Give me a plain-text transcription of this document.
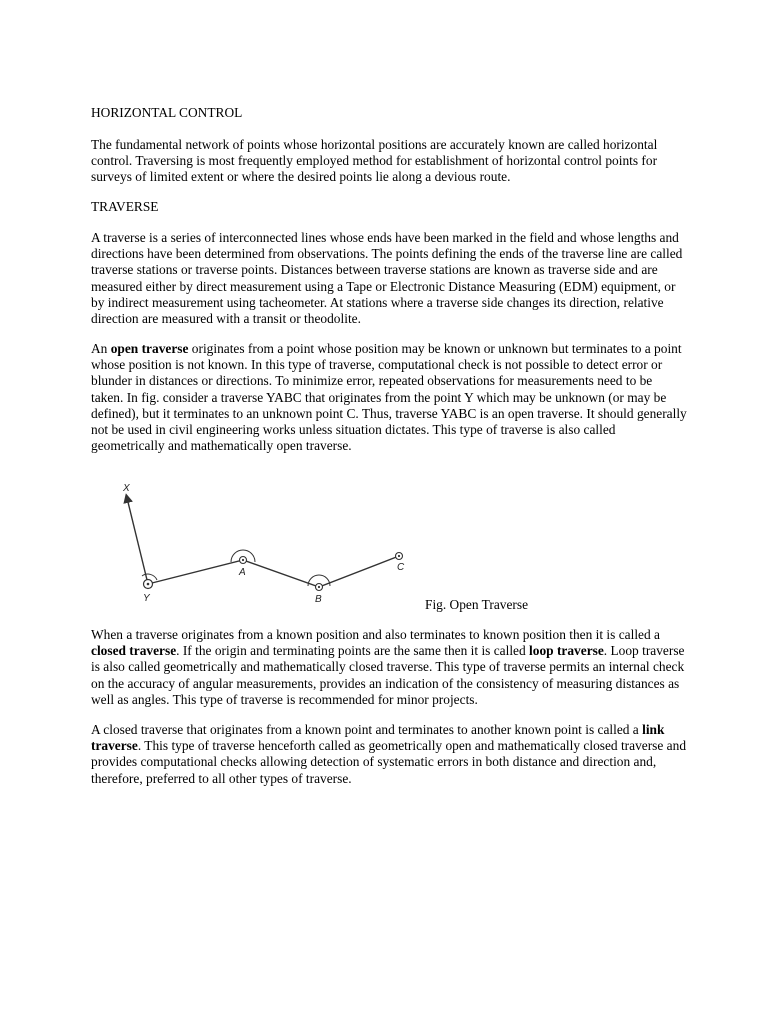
HORIZONTAL CONTROL

The fundamental network of points whose horizontal positions are accurately known are called horizontal control. Traversing is most frequently employed method for establishment of horizontal control points for surveys of limited extent or where the desired points lie along a devious route.

TRAVERSE

A traverse is a series of interconnected lines whose ends have been marked in the field and whose lengths and directions have been determined from observations. The points defining the ends of the traverse line are called traverse stations or traverse points. Distances between traverse stations are known as traverse side and are measured either by direct measurement using a Tape or Electronic Distance Measuring (EDM) equipment, or by indirect measurement using tacheometer. At stations where a traverse side changes its direction, relative direction are measured with a transit or theodolite.

An open traverse originates from a point whose position may be known or unknown but terminates to a point whose position is not known. In this type of traverse, computational check is not possible to detect error or blunder in distances or directions. To minimize error, repeated observations for measurements need to be taken. In fig. consider a traverse YABC that originates from the point Y which may be unknown (or may be defined), but it terminates to an unknown point C. Thus, traverse YABC is an open traverse. It should generally not be used in civil engineering works unless situation dictates. This type of traverse is also called geometrically and mathematically open traverse.

X
Y
A
B
C

Fig. Open Traverse

When a traverse originates from a known position and also terminates to known position then it is called a closed traverse. If the origin and terminating points are the same then it is called loop traverse. Loop traverse is also called geometrically and mathematically closed traverse. This type of traverse permits an internal check on the accuracy of angular measurements, provides an indication of the consistency of measuring distances as well as angles. This type of traverse is recommended for minor projects.

A closed traverse that originates from a known point and terminates to another known point is called a link traverse. This type of traverse henceforth called as geometrically open and mathematically closed traverse and provides computational checks allowing detection of systematic errors in both distance and direction and, therefore, preferred to all other types of traverse.
